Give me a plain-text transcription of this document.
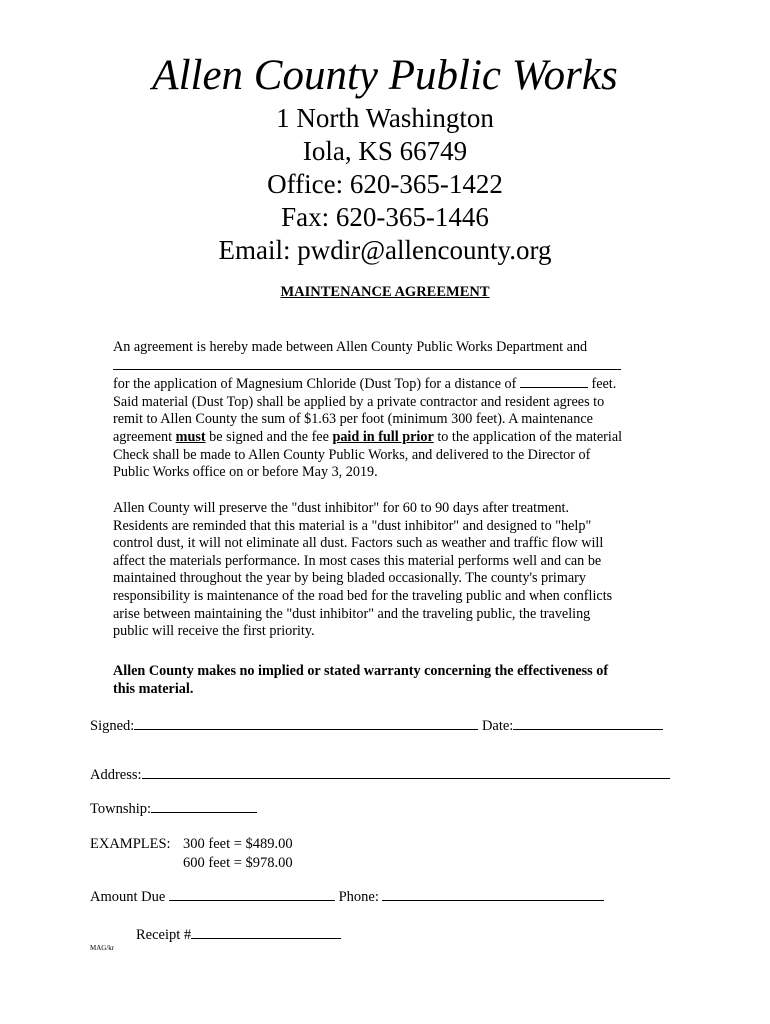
Allen County Public Works
1 North Washington
Iola, KS 66749
Office: 620-365-1422
Fax: 620-365-1446
Email: pwdir@allencounty.org
MAINTENANCE AGREEMENT
An agreement is hereby made between Allen County Public Works Department and
for the application of Magnesium Chloride (Dust Top) for a distance of	feet.
Said material (Dust Top) shall be applied by a private contractor and resident agrees to
remit to Allen County the sum of $1.63 per foot (minimum 300 feet). A maintenance
agreement must be signed and the fee paid in full prior to the application of the material
Check shall be made to Allen County Public Works, and delivered to the Director of
Public Works office on or before May 3, 2019.
Allen County will preserve the "dust inhibitor" for 60 to 90 days after treatment.
Residents are reminded that this material is a "dust inhibitor" and designed to "help"
control dust, it will not eliminate all dust. Factors such as weather and traffic flow will
affect the materials performance. In most cases this material performs well and can be
maintained throughout the year by being bladed occasionally. The county's primary
responsibility is maintenance of the road bed for the traveling public and when conflicts
arise between maintaining the "dust inhibitor" and the traveling public, the traveling
public will receive the first priority.
Allen County makes no implied or stated warranty concerning the effectiveness of
this material.
Signed:	Date:
Address:
Township:
EXAMPLES: 300 feet = $489.00
600 feet = $978.00
Amount Due	Phone:
Receipt #
MAG/kr
